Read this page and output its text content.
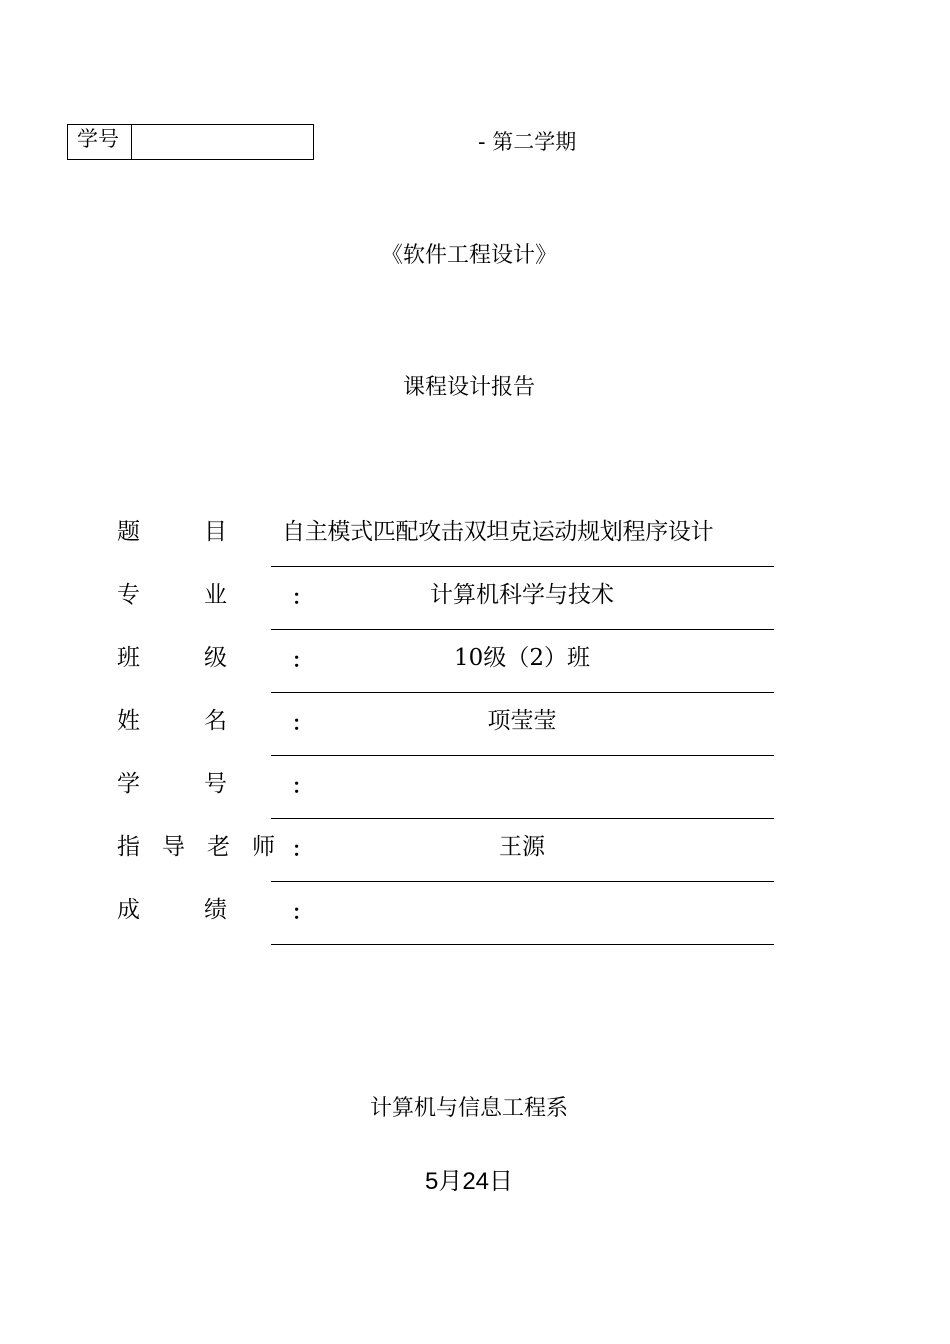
学号	- 第二学期
《软件工程设计》
课程设计报告
题	目	自主模式匹配攻击双坦克运动规划程序设计
专	业	：	计算机科学与技术
班	级	：	10级（2）班
姓	名	：	项莹莹
学	号	：
指 导 老 师 ：	王源
成	绩	：
计算机与信息工程系
5月24日
